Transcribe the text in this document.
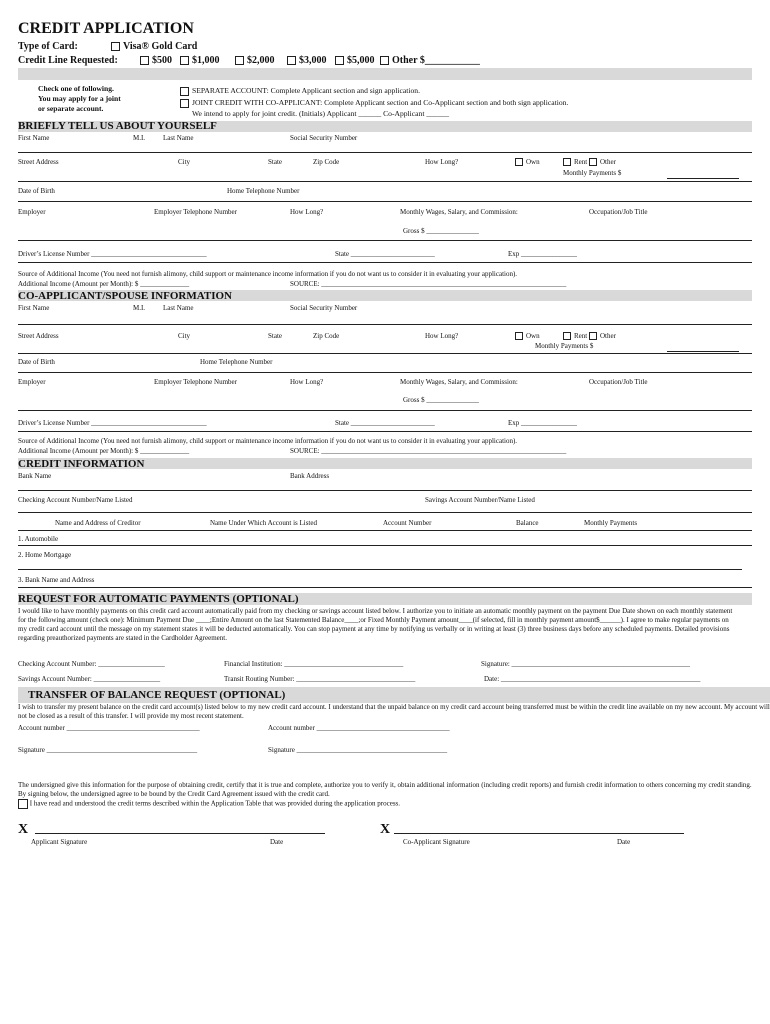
CREDIT APPLICATION
Type of Card:	Visa® Gold Card
Credit Line Requested:	$500	$1,000	$2,000	$3,000	$5,000	Other $___________
Check one of following.
You may apply for a joint
or separate account.
SEPARATE ACCOUNT: Complete Applicant section and sign application.
JOINT CREDIT WITH CO-APPLICANT: Complete Applicant section and Co-Applicant section and both sign application.
We intend to apply for joint credit. (Initials) Applicant ______ Co-Applicant ______
BRIEFLY TELL US ABOUT YOURSELF
First Name	M.I.	Last Name	Social Security Number
Street Address	City	State	Zip Code	How Long?	Own	Rent	Other
Monthly Payments $
Date of Birth	Home Telephone Number
Employer	Employer Telephone Number	How Long?	Monthly Wages, Salary, and Commission:	Occupation/Job Title
Gross $ _______________
Driver’s License Number _________________________________	State ________________________	Exp ________________
Source of Additional Income (You need not furnish alimony, child support or maintenance income information if you do not want us to consider it in evaluating your application).
Additional Income (Amount per Month): $ ______________	SOURCE: ______________________________________________________________________
CO-APPLICANT/SPOUSE INFORMATION
First Name	M.I.	Last Name	Social Security Number
Street Address	City	State	Zip Code	How Long?	Own	Rent	Other
Monthly Payments $
Date of Birth	Home Telephone Number
Employer	Employer Telephone Number	How Long?	Monthly Wages, Salary, and Commission:	Occupation/Job Title
Gross $ _______________
Driver’s License Number _________________________________	State ________________________	Exp ________________
Source of Additional Income (You need not furnish alimony, child support or maintenance income information if you do not want us to consider it in evaluating your application).
Additional Income (Amount per Month): $ ______________	SOURCE: ______________________________________________________________________
CREDIT INFORMATION
Bank Name	Bank Address
Checking Account Number/Name Listed	Savings Account Number/Name Listed
Name and Address of Creditor	Name Under Which Account is Listed	Account Number	Balance	Monthly Payments
1. Automobile
2. Home Mortgage
3. Bank Name and Address
REQUEST FOR AUTOMATIC PAYMENTS (OPTIONAL)
I would like to have monthly payments on this credit card account automatically paid from my checking or savings account listed below. I authorize you to initiate an automatic monthly payment on the payment Due Date shown on each monthly statement for the following amount (check one): Minimum Payment Due ____;Entire Amount on the last Statemented Balance____;or Fixed Monthly Payment amount____(if selected, fill in monthly payment amount$______). I agree to make regular payments on my credit card account until the message on my statement states it will be deducted automatically. You can stop payment at any time by notifying us verbally or in writing at least (3) three business days before any scheduled payments. Detailed provisions regarding preauthorized payments are stated in the Cardholder Agreement.
Checking Account Number: ___________________	Financial Institution: __________________________________	Signature: ___________________________________________________
Savings Account Number: ___________________	Transit Routing Number: __________________________________	Date: _________________________________________________________
TRANSFER OF BALANCE REQUEST (OPTIONAL)
I wish to transfer my present balance on the credit card account(s) listed below to my new credit card account. I understand that the unpaid balance on my credit card account being transferred must be within the credit line available on my new account. My account will not be closed as a result of this transfer. I will provide my most recent statement.
Account number ______________________________________	Account number ______________________________________
Signature ___________________________________________	Signature ___________________________________________
The undersigned give this information for the purpose of obtaining credit, certify that it is true and complete, authorize you to verify it, obtain additional information (including credit reports) and furnish credit information to others concerning my credit standing. By signing below, the undersigned agree to be bound by the Credit Card Agreement issued with the credit card.
I have read and understood the credit terms described within the Application Table that was provided during the application process.
X	X
Applicant Signature	Date	Co-Applicant Signature	Date
